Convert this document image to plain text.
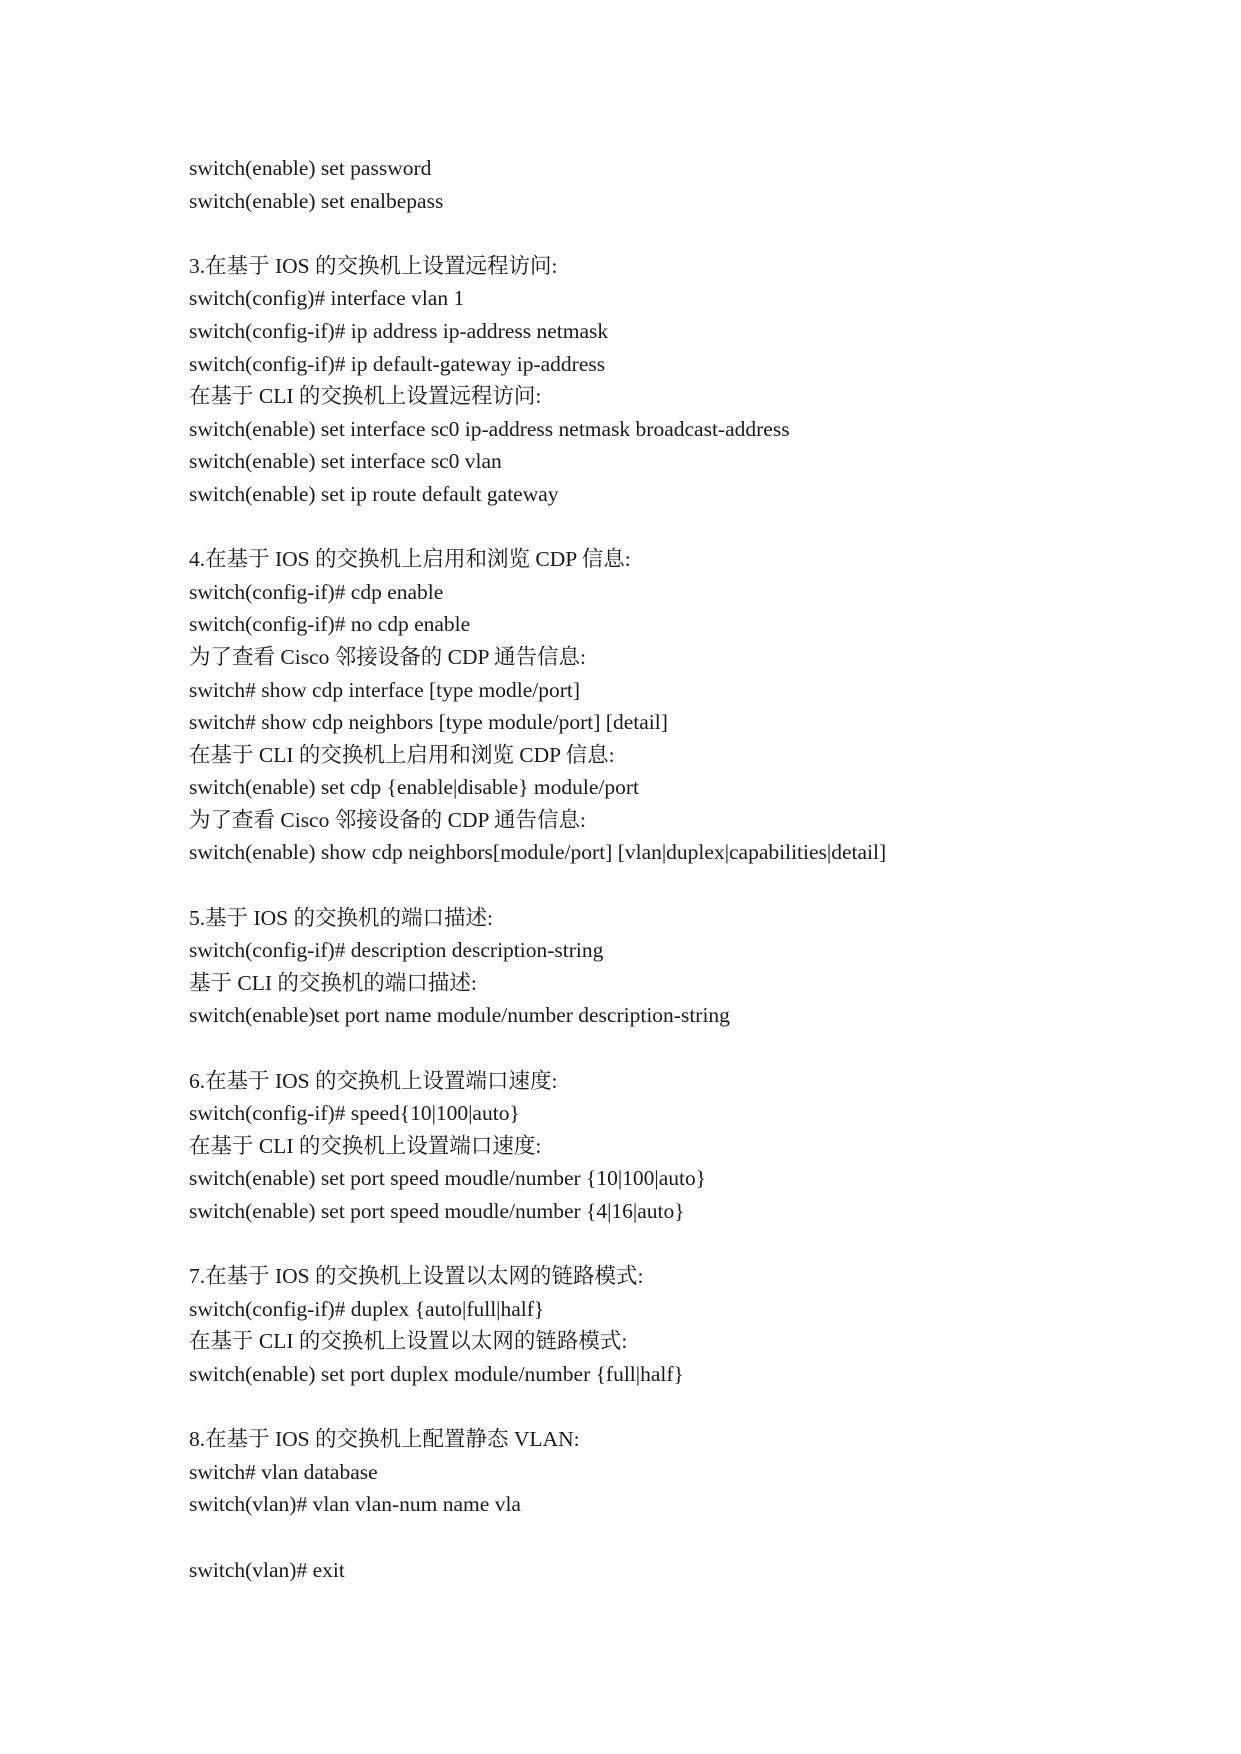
switch(enable) set password
switch(enable) set enalbepass
3.在基于 IOS 的交换机上设置远程访问:
switch(config)# interface vlan 1
switch(config-if)# ip address ip-address netmask
switch(config-if)# ip default-gateway ip-address
在基于 CLI 的交换机上设置远程访问:
switch(enable) set interface sc0 ip-address netmask broadcast-address
switch(enable) set interface sc0 vlan
switch(enable) set ip route default gateway
4.在基于 IOS 的交换机上启用和浏览 CDP 信息:
switch(config-if)# cdp enable
switch(config-if)# no cdp enable
为了查看 Cisco 邻接设备的 CDP 通告信息:
switch# show cdp interface [type modle/port]
switch# show cdp neighbors [type module/port] [detail]
在基于 CLI 的交换机上启用和浏览 CDP 信息:
switch(enable) set cdp {enable|disable} module/port
为了查看 Cisco 邻接设备的 CDP 通告信息:
switch(enable) show cdp neighbors[module/port] [vlan|duplex|capabilities|detail]
5.基于 IOS 的交换机的端口描述:
switch(config-if)# description description-string
基于 CLI 的交换机的端口描述:
switch(enable)set port name module/number description-string
6.在基于 IOS 的交换机上设置端口速度:
switch(config-if)# speed{10|100|auto}
在基于 CLI 的交换机上设置端口速度:
switch(enable) set port speed moudle/number {10|100|auto}
switch(enable) set port speed moudle/number {4|16|auto}
7.在基于 IOS 的交换机上设置以太网的链路模式:
switch(config-if)# duplex {auto|full|half}
在基于 CLI 的交换机上设置以太网的链路模式:
switch(enable) set port duplex module/number {full|half}
8.在基于 IOS 的交换机上配置静态 VLAN:
switch# vlan database
switch(vlan)# vlan vlan-num name vla
switch(vlan)# exit
